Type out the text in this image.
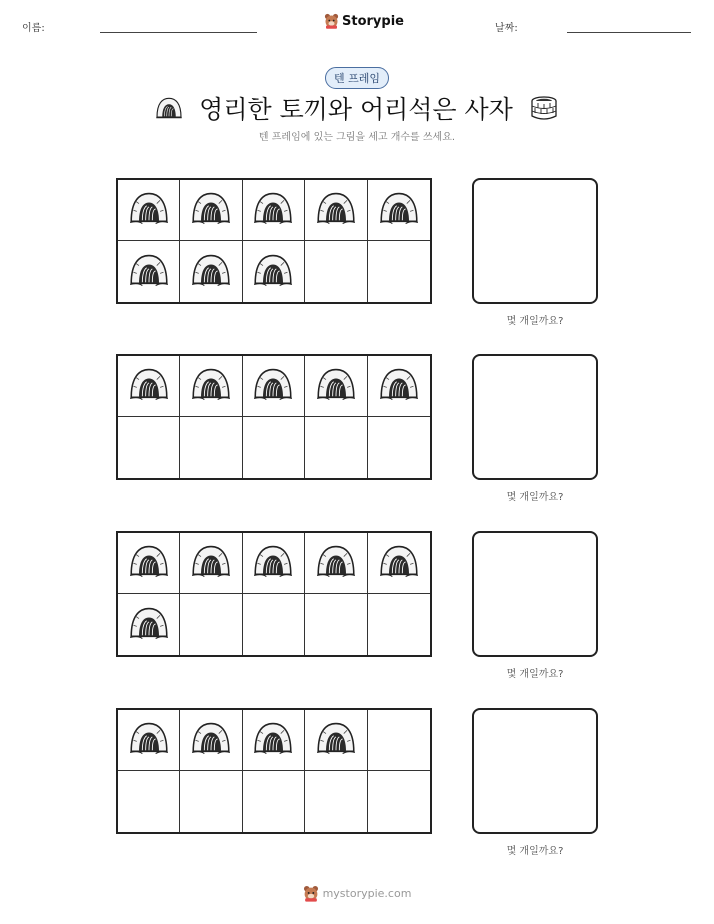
이름:	Storypie	날짜:
텐 프레임
영리한 토끼와 어리석은 사자
텐 프레임에 있는 그림을 세고 개수를 쓰세요.
몇 개일까요?
몇 개일까요?
몇 개일까요?
몇 개일까요?
mystorypie.com
